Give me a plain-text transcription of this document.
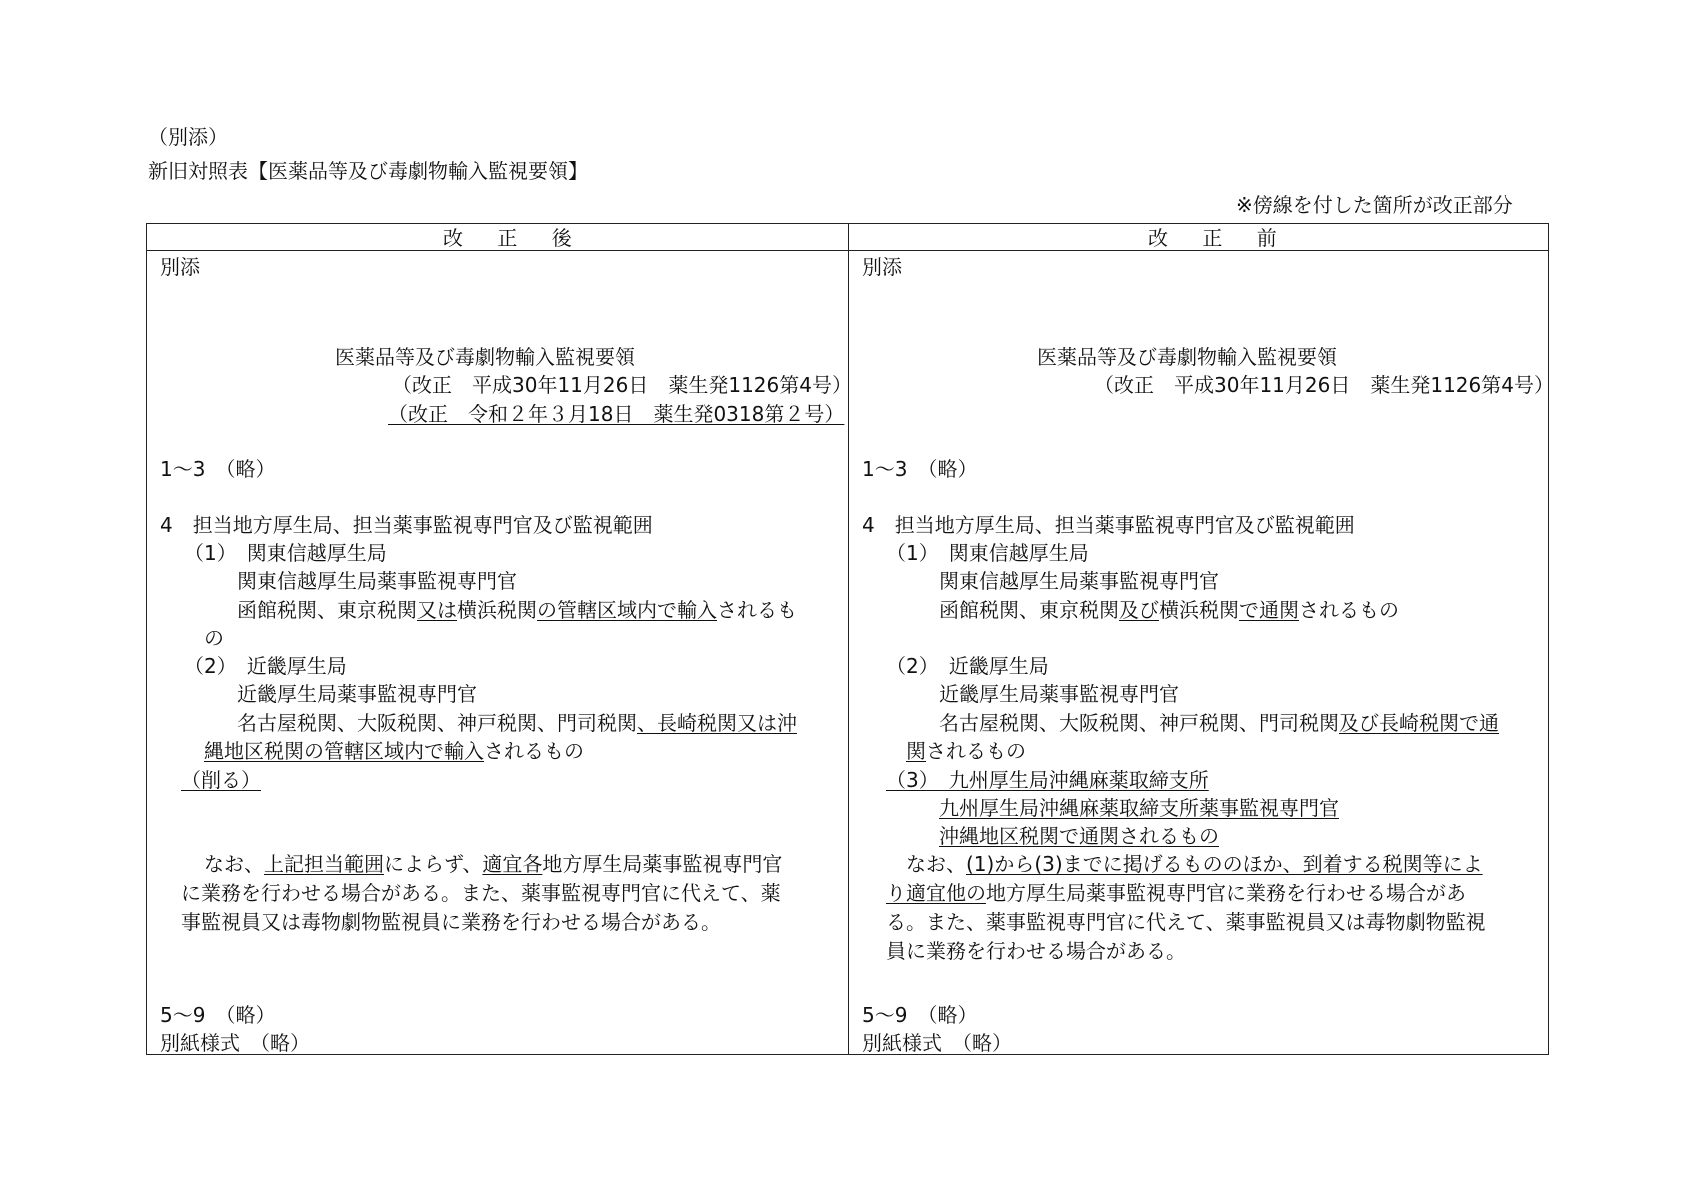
（別添）
新旧対照表【医薬品等及び毒劇物輸入監視要領】
※傍線を付した箇所が改正部分
改 正 後	改 正 前
別添
医薬品等及び毒劇物輸入監視要領
（改正　平成30年11月26日　薬生発1126第4号）
（改正　令和２年３月18日　薬生発0318第２号）
1～3　（略）
4　担当地方厚生局、担当薬事監視専門官及び監視範囲
（1）　関東信越厚生局
関東信越厚生局薬事監視専門官
函館税関、東京税関又は横浜税関の管轄区域内で輸入されるも
の
（2）　近畿厚生局
近畿厚生局薬事監視専門官
名古屋税関、大阪税関、神戸税関、門司税関、長崎税関又は沖
縄地区税関の管轄区域内で輸入されるもの
（削る）
なお、上記担当範囲によらず、適宜各地方厚生局薬事監視専門官
に業務を行わせる場合がある。また、薬事監視専門官に代えて、薬
事監視員又は毒物劇物監視員に業務を行わせる場合がある。
5～9　（略）
別紙様式　（略）
別添
医薬品等及び毒劇物輸入監視要領
（改正　平成30年11月26日　薬生発1126第4号）
1～3　（略）
4　担当地方厚生局、担当薬事監視専門官及び監視範囲
（1）　関東信越厚生局
関東信越厚生局薬事監視専門官
函館税関、東京税関及び横浜税関で通関されるもの
（2）　近畿厚生局
近畿厚生局薬事監視専門官
名古屋税関、大阪税関、神戸税関、門司税関及び長崎税関で通
関されるもの
（3）　九州厚生局沖縄麻薬取締支所
九州厚生局沖縄麻薬取締支所薬事監視専門官
沖縄地区税関で通関されるもの
なお、(1)から(3)までに掲げるもののほか、到着する税関等によ
り適宜他の地方厚生局薬事監視専門官に業務を行わせる場合があ
る。また、薬事監視専門官に代えて、薬事監視員又は毒物劇物監視
員に業務を行わせる場合がある。
5～9　（略）
別紙様式　（略）
